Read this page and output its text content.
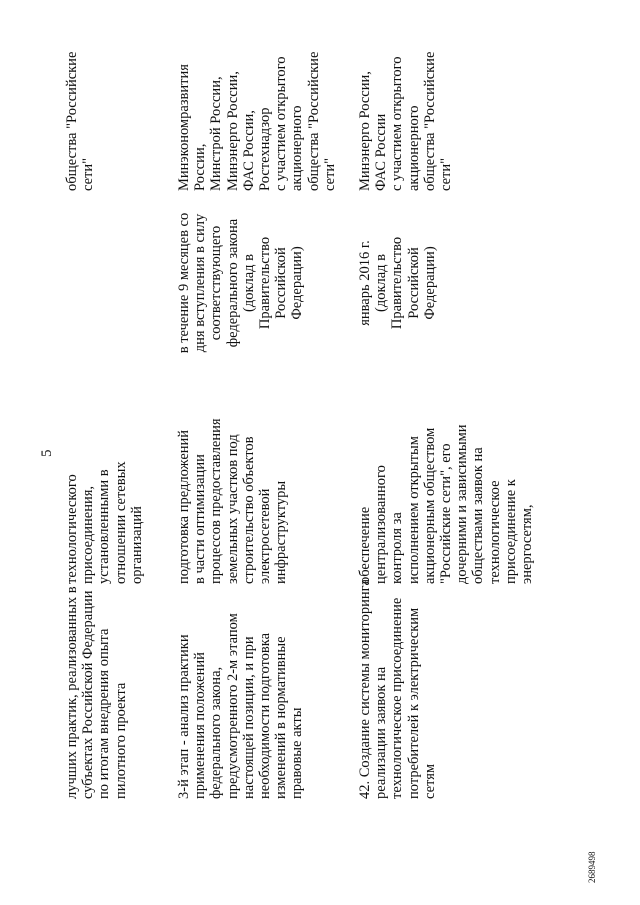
5
лучших практик, реализованных в субъектах Российской Федерации по итогам внедрения опыта пилотного проекта
технологического присоединения, установленными в отношении сетевых организаций
общества "Российские сети"
3-й этап - анализ практики применения положений федерального закона, предусмотренного 2-м этапом настоящей позиции, и при необходимости подготовка изменений в нормативные правовые акты
подготовка предложений в части оптимизации процессов предоставления земельных участков под строительство объектов электросетевой инфраструктуры
в течение 9 месяцев со дня вступления в силу соответствующего федерального закона (доклад в Правительство Российской Федерации)
Минэкономразвития России, Минстрой России, Минэнерго России, ФАС России, Ростехнадзор с участием открытого акционерного общества "Российские сети"
42. Создание системы мониторинга реализации заявок на технологическое присоединение потребителей к электрическим сетям
обеспечение централизованного контроля за исполнением открытым акционерным обществом "Российские сети", его дочерними и зависимыми обществами заявок на технологическое присоединение к энергосетям,
январь 2016 г. (доклад в Правительство Российской Федерации)
Минэнерго России, ФАС России с участием открытого акционерного общества "Российские сети"
2689498
